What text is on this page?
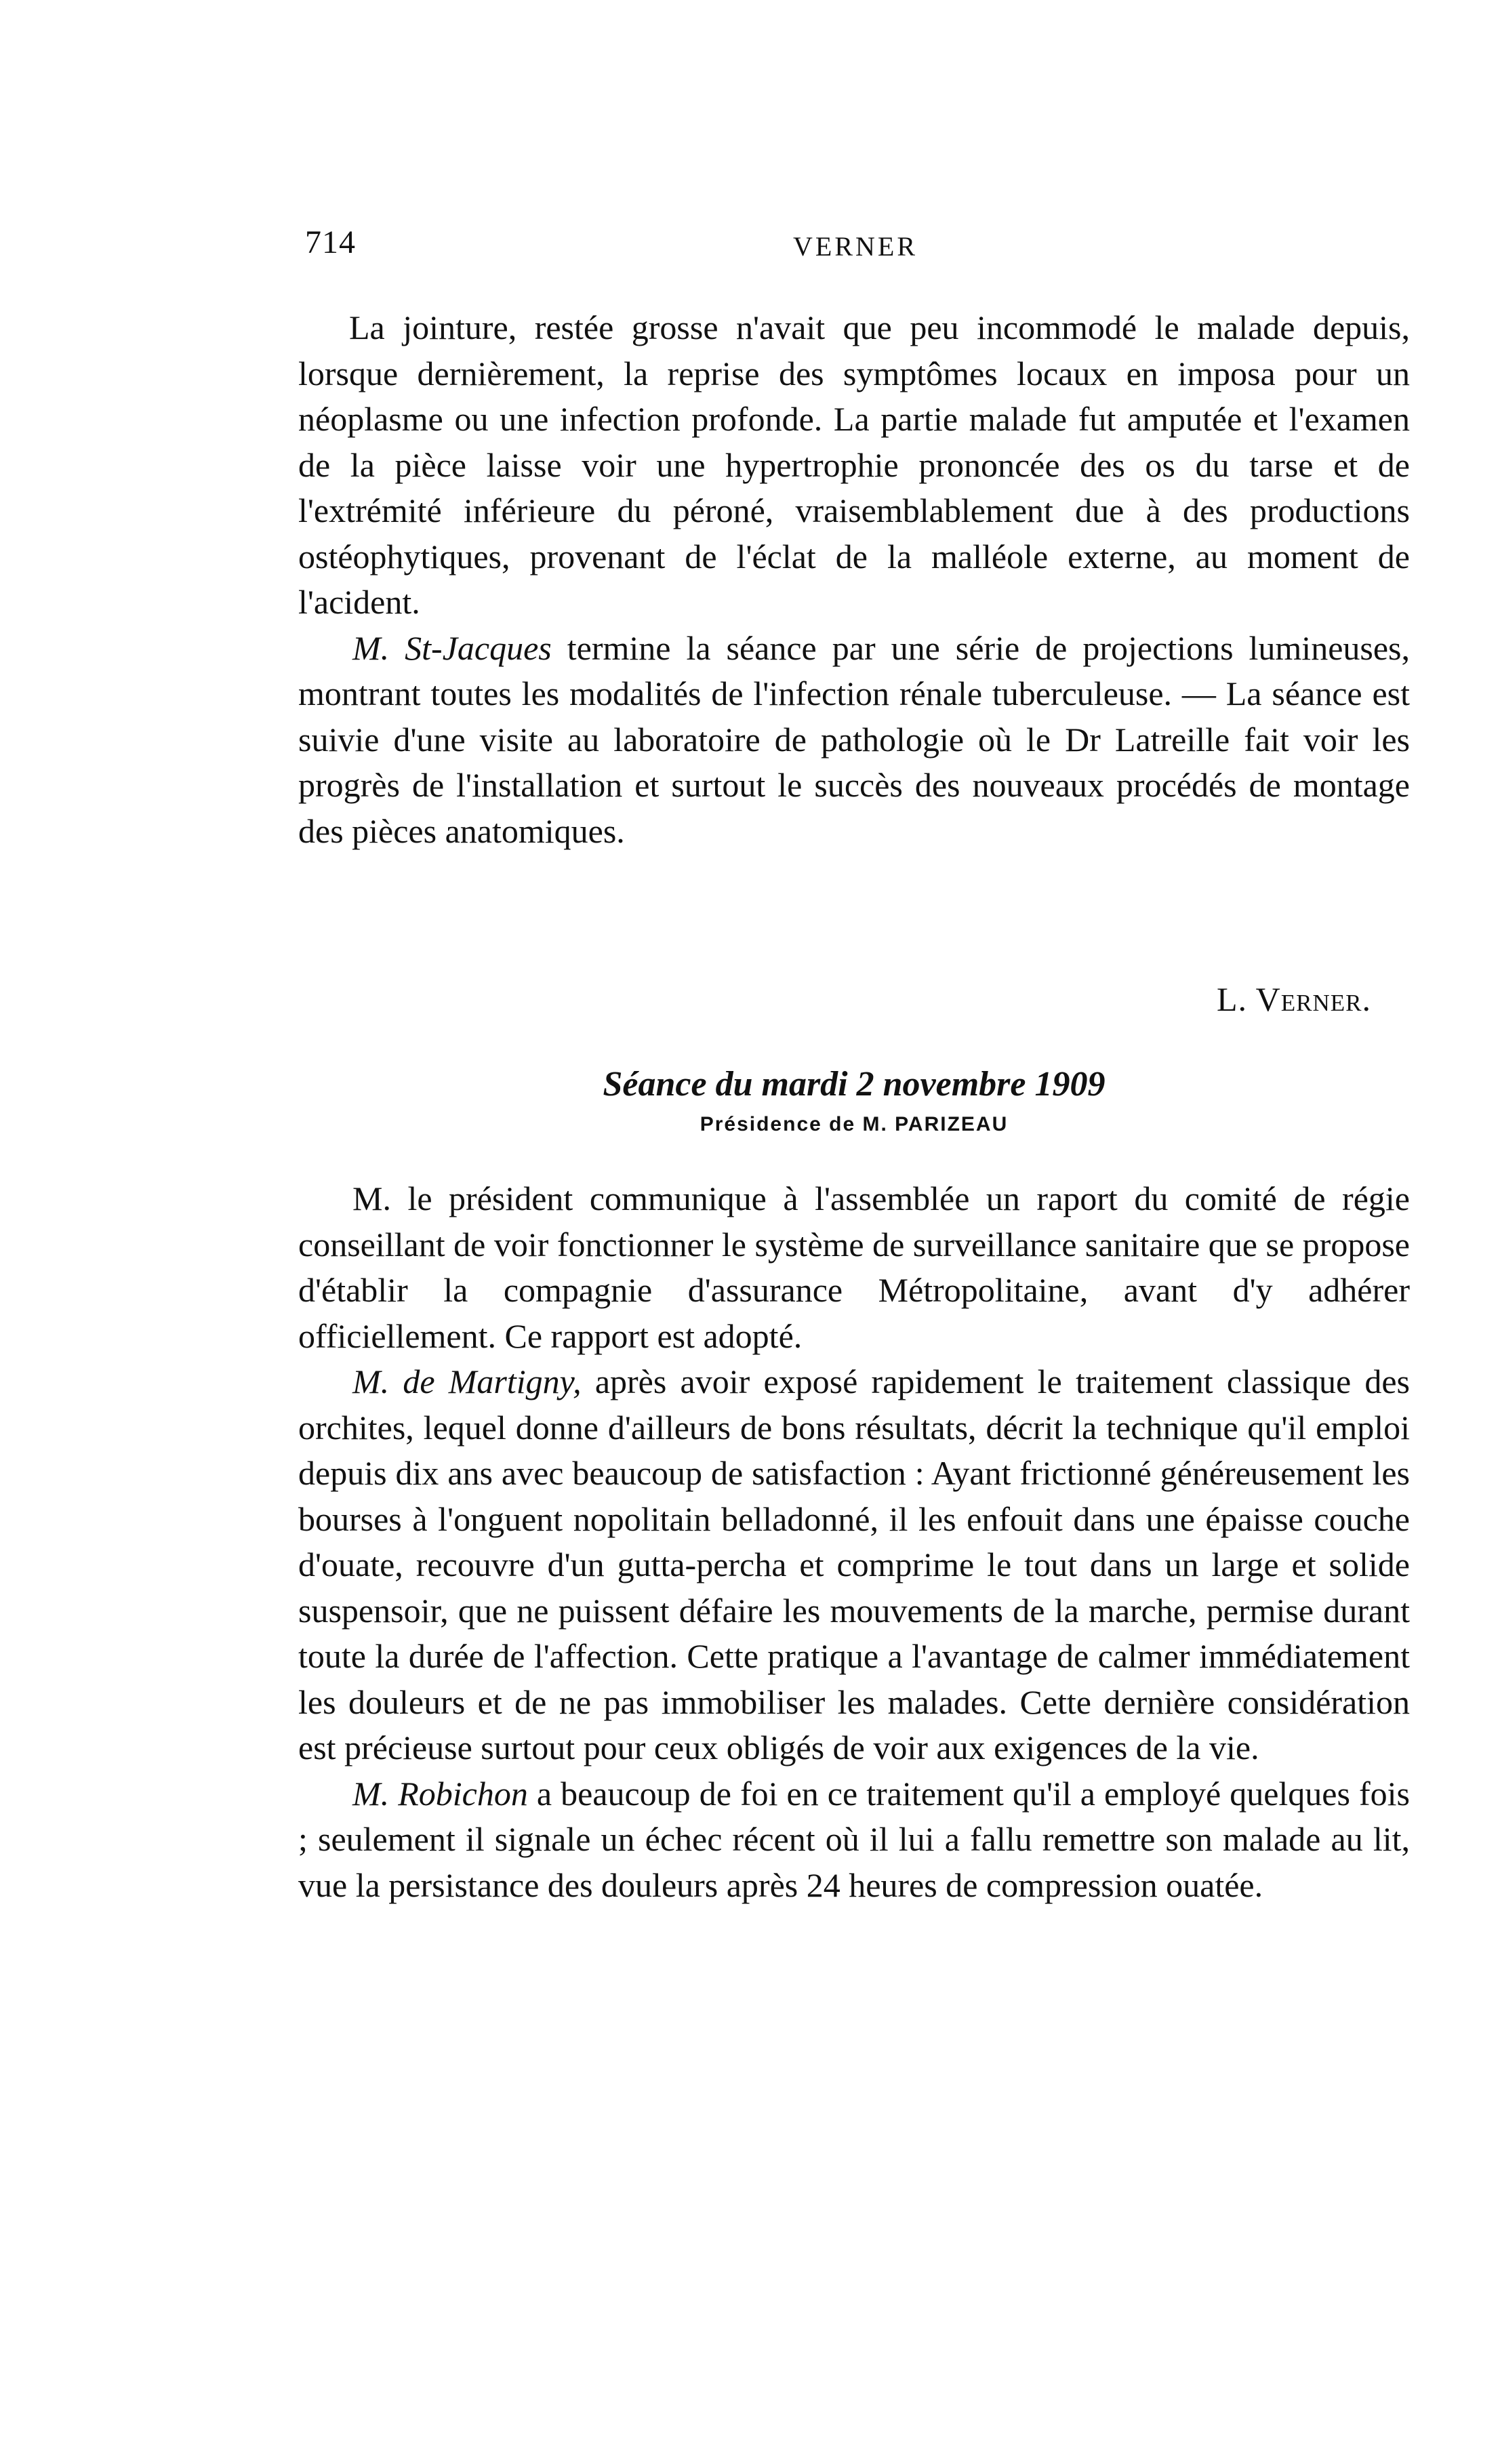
714	VERNER

La jointure, restée grosse n'avait que peu incommodé le malade depuis, lorsque dernièrement, la reprise des symptômes locaux en imposa pour un néoplasme ou une infection profonde. La partie malade fut amputée et l'examen de la pièce laisse voir une hypertrophie prononcée des os du tarse et de l'extrémité inférieure du péroné, vraisemblablement due à des productions ostéophytiques, provenant de l'éclat de la malléole externe, au moment de l'acident.

M. St-Jacques termine la séance par une série de projections lumineuses, montrant toutes les modalités de l'infection rénale tuberculeuse. — La séance est suivie d'une visite au laboratoire de pathologie où le Dr Latreille fait voir les progrès de l'installation et surtout le succès des nouveaux procédés de montage des pièces anatomiques.

L. Verner.
Séance du mardi 2 novembre 1909
Présidence de M. PARIZEAU

M. le président communique à l'assemblée un raport du comité de régie conseillant de voir fonctionner le système de surveillance sanitaire que se propose d'établir la compagnie d'assurance Métropolitaine, avant d'y adhérer officiellement. Ce rapport est adopté.

M. de Martigny, après avoir exposé rapidement le traitement classique des orchites, lequel donne d'ailleurs de bons résultats, décrit la technique qu'il emploi depuis dix ans avec beaucoup de satisfaction : Ayant frictionné généreusement les bourses à l'onguent nopolitain belladonné, il les enfouit dans une épaisse couche d'ouate, recouvre d'un gutta-percha et comprime le tout dans un large et solide suspensoir, que ne puissent défaire les mouvements de la marche, permise durant toute la durée de l'affection. Cette pratique a l'avantage de calmer immédiatement les douleurs et de ne pas immobiliser les malades. Cette dernière considération est précieuse surtout pour ceux obligés de voir aux exigences de la vie.

M. Robichon a beaucoup de foi en ce traitement qu'il a employé quelques fois ; seulement il signale un échec récent où il lui a fallu remettre son malade au lit, vue la persistance des douleurs après 24 heures de compression ouatée.
